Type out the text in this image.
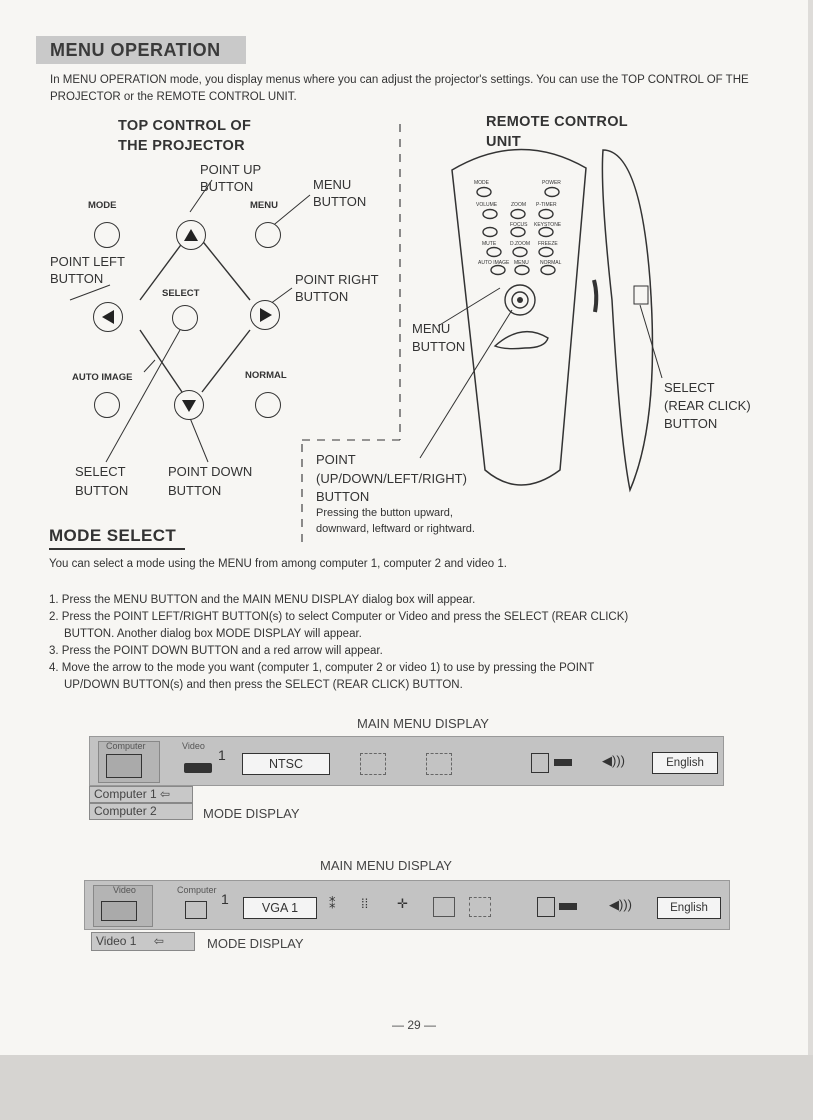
MENU OPERATION
In MENU OPERATION mode, you display menus where you can adjust the projector's settings. You can use the TOP CONTROL OF THE PROJECTOR or the REMOTE CONTROL UNIT.
TOP CONTROL OF
THE PROJECTOR
REMOTE CONTROL
UNIT
MODE	POWER
VOLUME	ZOOM P-TIMER
FOCUS KEYSTONE
MUTE	D.ZOOM FREEZE
AUTO IMAGE MENU NORMAL
MODE	MENU
SELECT
AUTO IMAGE	NORMAL
POINT UP
BUTTON	MENU
BUTTON
POINT LEFT
BUTTON	POINT RIGHT
BUTTON
SELECT
BUTTON
POINT DOWN
BUTTON
MENU
BUTTON
SELECT
(REAR CLICK)
BUTTON
POINT
(UP/DOWN/LEFT/RIGHT)
BUTTON
Pressing the button upward,
downward, leftward or rightward.
MODE SELECT
You can select a mode using the MENU from among computer 1, computer 2 and video 1.
1. Press the MENU BUTTON and the MAIN MENU DISPLAY dialog box will appear.
2. Press the POINT LEFT/RIGHT BUTTON(s) to select Computer or Video and press the SELECT (REAR CLICK)
BUTTON. Another dialog box MODE DISPLAY will appear.
3. Press the POINT DOWN BUTTON and a red arrow will appear.
4. Move the arrow to the mode you want (computer 1, computer 2 or video 1) to use by pressing the POINT
UP/DOWN BUTTON(s) and then press the SELECT (REAR CLICK) BUTTON.
MAIN MENU DISPLAY
Computer	Video
1
NTSC	◀)))	English
Computer 1 ⇦
Computer 2	MODE DISPLAY
MAIN MENU DISPLAY
Video	Computer
1
VGA 1	⁑ ⁞⁞ ✛	◀)))	English
Video 1 ⇦	MODE DISPLAY
— 29 —
